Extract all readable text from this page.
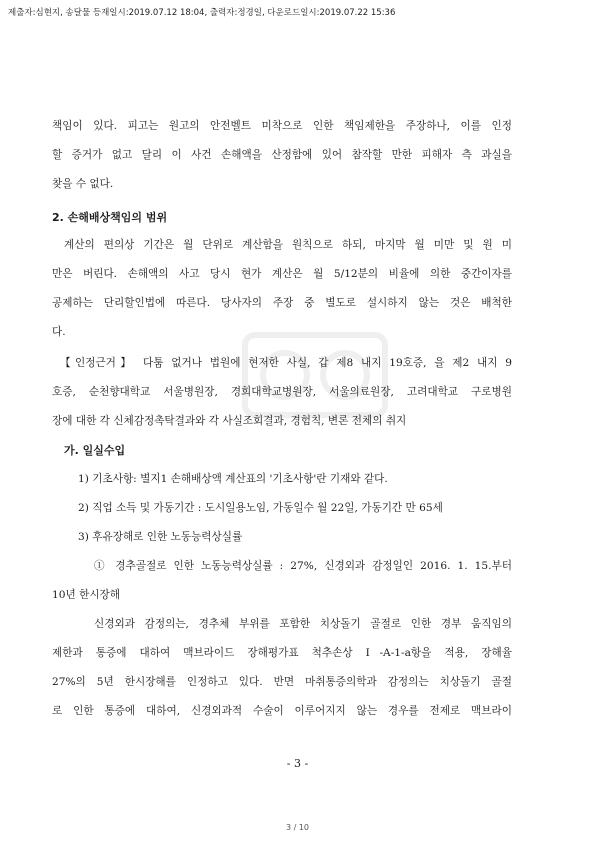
제출자:심현지, 송달물 등재일시:2019.07.12 18:04, 출력자:정경일, 다운로드일시:2019.07.22 15:36
책임이 있다. 피고는 원고의 안전벨트 미착으로 인한 책임제한을 주장하나, 이를 인정
할 증거가 없고 달리 이 사건 손해액을 산정함에 있어 참작할 만한 피해자 측 과실을
찾을 수 없다.
2. 손해배상책임의 범위
계산의 편의상 기간은 월 단위로 계산함을 원칙으로 하되, 마지막 월 미만 및 원 미
만은 버린다. 손해액의 사고 당시 현가 계산은 월 5/12분의 비율에 의한 중간이자를
공제하는 단리할인법에 따른다. 당사자의 주장 중 별도로 설시하지 않는 것은 배척한
다.
【인정근거】 다툼 없거나 법원에 현저한 사실, 갑 제8 내지 19호증, 을 제2 내지 9
호증, 순천향대학교 서울병원장, 경희대학교병원장, 서울의료원장, 고려대학교 구로병원
장에 대한 각 신체감정촉탁결과와 각 사실조회결과, 경험칙, 변론 전체의 취지
가. 일실수입
1) 기초사항: 별지1 손해배상액 계산표의 '기초사항'란 기재와 같다.
2) 직업 소득 및 가동기간 : 도시일용노임, 가동일수 월 22일, 가동기간 만 65세
3) 후유장해로 인한 노동능력상실률
① 경추골절로 인한 노동능력상실률 : 27%, 신경외과 감정일인 2016. 1. 15.부터
10년 한시장해
신경외과 감정의는, 경추체 부위를 포함한 치상돌기 골절로 인한 경부 움직임의
제한과 통증에 대하여 맥브라이드 장해평가표 척추손상 Ⅰ-A-1-a항을 적용, 장해율
27%의 5년 한시장해를 인정하고 있다. 반면 마취통증의학과 감정의는 치상돌기 골절
로 인한 통증에 대하여, 신경외과적 수술이 이루어지지 않는 경우를 전제로 맥브라이
- 3 -
3 / 10
